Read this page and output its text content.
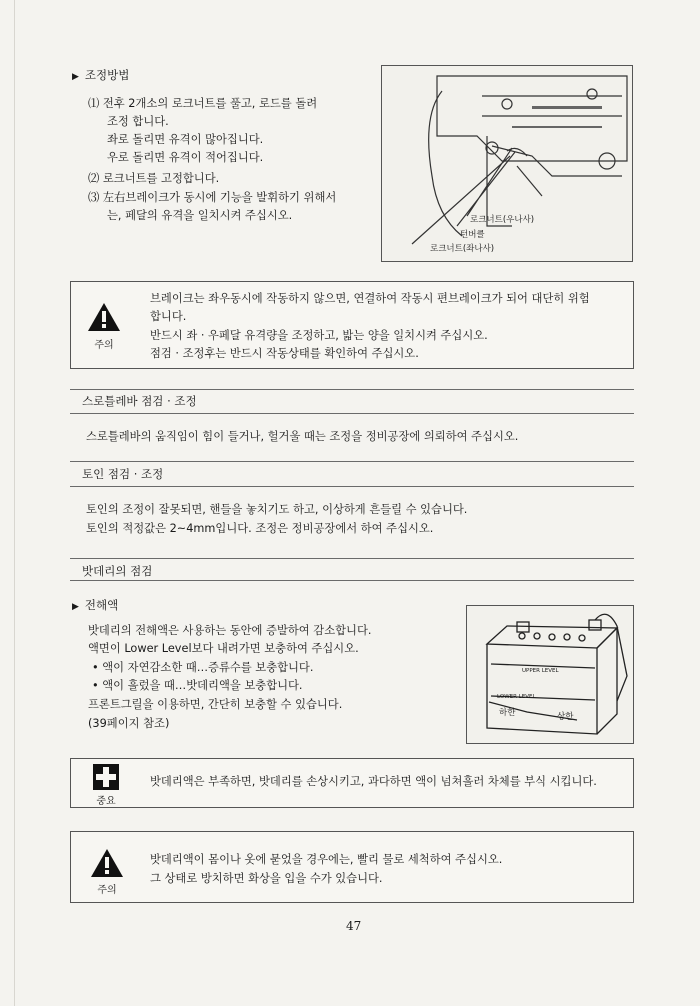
▶ 조정방법
⑴ 전후 2개소의 로크너트를 풀고, 로드를 돌려
조정 합니다.
좌로 돌리면 유격이 많아집니다.
우로 돌리면 유격이 적어집니다.
⑵ 로크너트를 고정합니다.
⑶ 左右브레이크가 동시에 기능을 발휘하기 위해서
는, 페달의 유격을 일치시켜 주십시오.	로크너트(우나사)
턴버클
로크너트(좌나사)
주의
브레이크는 좌우동시에 작동하지 않으면, 연결하여 작동시 편브레이크가 되어 대단히 위험
합니다.
반드시 좌 · 우페달 유격량을 조정하고, 밟는 양을 일치시켜 주십시오.
점검 · 조정후는 반드시 작동상태를 확인하여 주십시오.
스로틀레바 점검 · 조정
스로틀레바의 움직임이 힘이 들거나, 헐거울 때는 조정을 정비공장에 의뢰하여 주십시오.
토인 점검 · 조정
토인의 조정이 잘못되면, 핸들을 놓치기도 하고, 이상하게 흔들릴 수 있습니다.
토인의 적정값은 2~4mm입니다. 조정은 정비공장에서 하여 주십시오.
밧데리의 점검
▶ 전해액
밧데리의 전해액은 사용하는 동안에 증발하여 감소합니다.
액면이 Lower Level보다 내려가면 보충하여 주십시오.
• 액이 자연감소한 때…증류수를 보충합니다.
• 액이 흘렀을 때…밧데리액을 보충합니다.
프론트그릴을 이용하면, 간단히 보충할 수 있습니다.
(39페이지 참조)
UPPER LEVEL
LOWER LEVEL
하한	상한
중요
밧데리액은 부족하면, 밧데리를 손상시키고, 과다하면 액이 넘쳐흘러 차체를 부식 시킵니다.
주의
밧데리액이 몸이나 옷에 묻었을 경우에는, 빨리 물로 세척하여 주십시오.
그 상태로 방치하면 화상을 입을 수가 있습니다.
47
